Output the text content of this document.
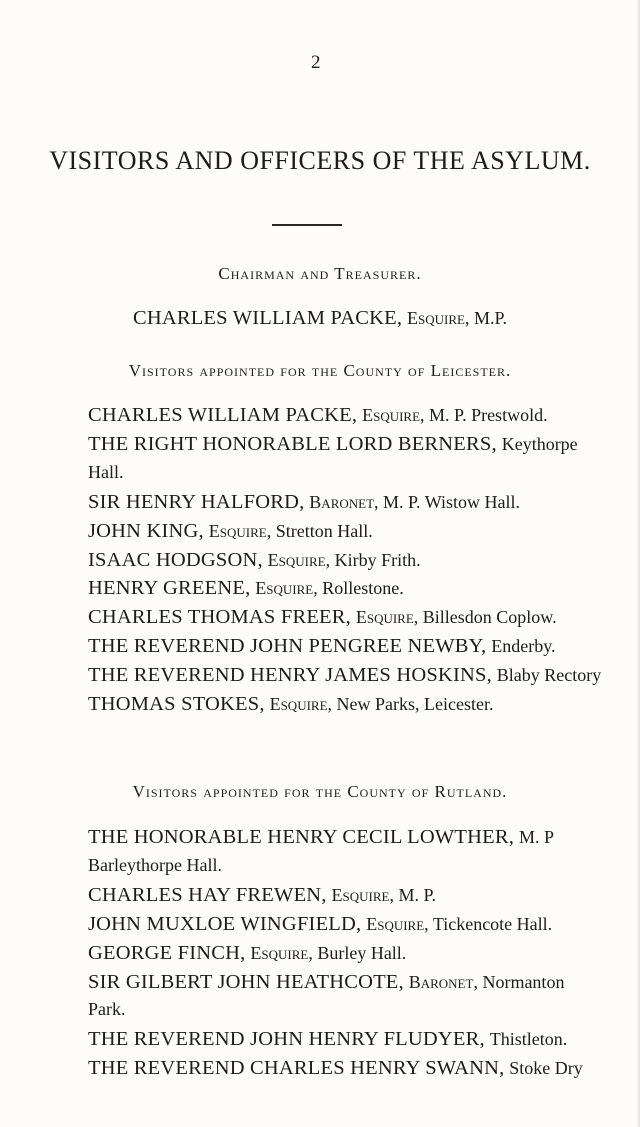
2
VISITORS AND OFFICERS OF THE ASYLUM.
Chairman and Treasurer.
CHARLES WILLIAM PACKE, Esquire, M.P.
Visitors appointed for the County of Leicester.
CHARLES WILLIAM PACKE, Esquire, M. P. Prestwold.
THE RIGHT HONORABLE LORD BERNERS, Keythorpe
Hall.
SIR HENRY HALFORD, Baronet, M. P. Wistow Hall.
JOHN KING, Esquire, Stretton Hall.
ISAAC HODGSON, Esquire, Kirby Frith.
HENRY GREENE, Esquire, Rollestone.
CHARLES THOMAS FREER, Esquire, Billesdon Coplow.
THE REVEREND JOHN PENGREE NEWBY, Enderby.
THE REVEREND HENRY JAMES HOSKINS, Blaby Rectory
THOMAS STOKES, Esquire, New Parks, Leicester.
Visitors appointed for the County of Rutland.
THE HONORABLE HENRY CECIL LOWTHER, M. P
Barleythorpe Hall.
CHARLES HAY FREWEN, Esquire, M. P.
JOHN MUXLOE WINGFIELD, Esquire, Tickencote Hall.
GEORGE FINCH, Esquire, Burley Hall.
SIR GILBERT JOHN HEATHCOTE, Baronet, Normanton
Park.
THE REVEREND JOHN HENRY FLUDYER, Thistleton.
THE REVEREND CHARLES HENRY SWANN, Stoke Dry
